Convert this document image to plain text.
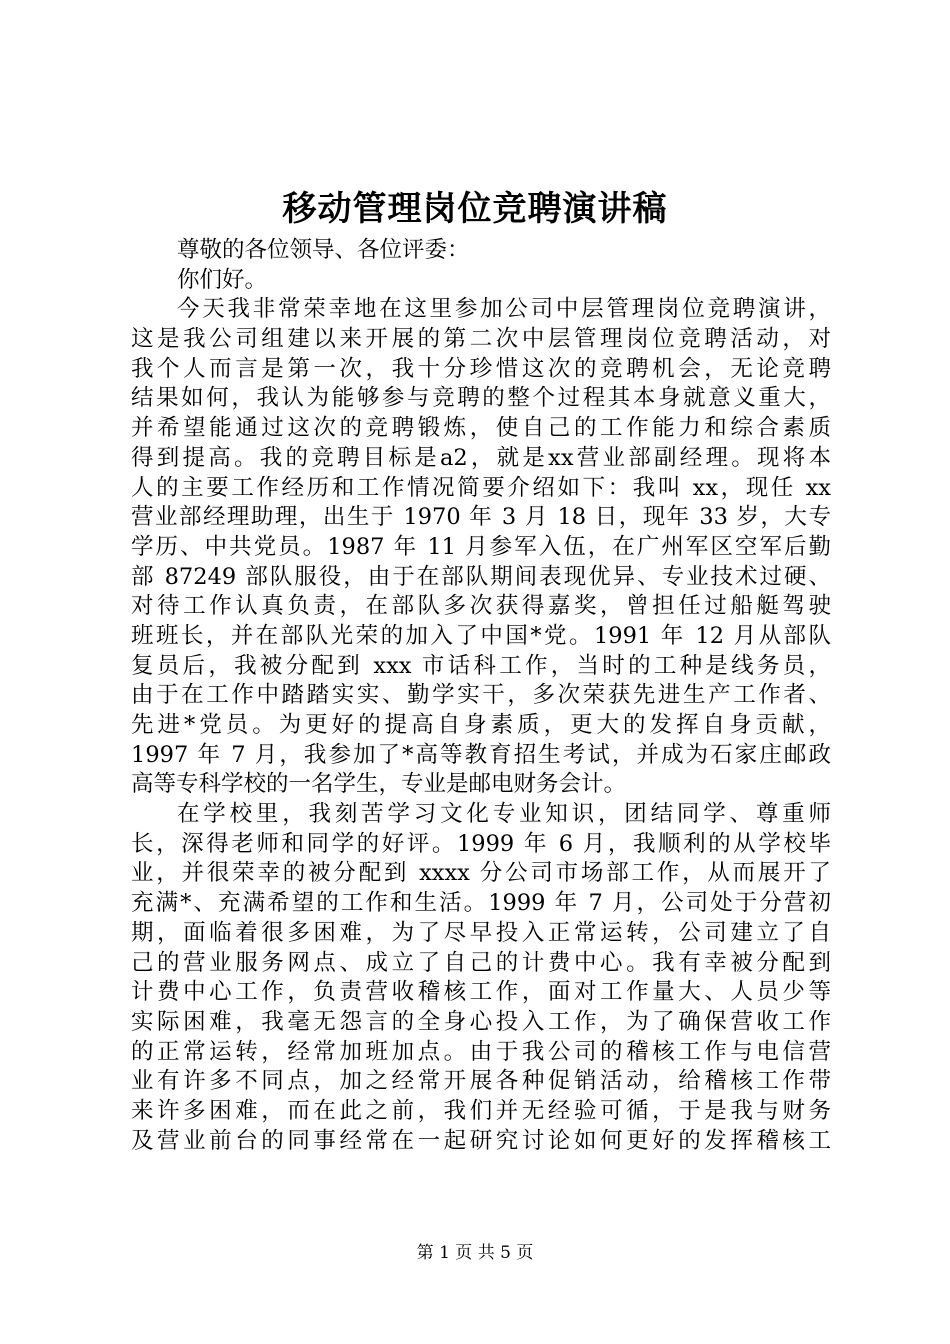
移动管理岗位竞聘演讲稿
尊敬的各位领导、各位评委：
你们好。
今天我非常荣幸地在这里参加公司中层管理岗位竞聘演讲，
这是我公司组建以来开展的第二次中层管理岗位竞聘活动，对
我个人而言是第一次，我十分珍惜这次的竞聘机会，无论竞聘
结果如何，我认为能够参与竞聘的整个过程其本身就意义重大，
并希望能通过这次的竞聘锻炼，使自己的工作能力和综合素质
得到提高。我的竞聘目标是a2，就是xx营业部副经理。现将本
人的主要工作经历和工作情况简要介绍如下：我叫 xx，现任 xx
营业部经理助理，出生于 1970 年 3 月 18 日，现年 33 岁，大专
学历、中共党员。1987 年 11 月参军入伍，在广州军区空军后勤
部 87249 部队服役，由于在部队期间表现优异、专业技术过硬、
对待工作认真负责，在部队多次获得嘉奖，曾担任过船艇驾驶
班班长，并在部队光荣的加入了中国*党。1991 年 12 月从部队
复员后，我被分配到 xxx 市话科工作，当时的工种是线务员，
由于在工作中踏踏实实、勤学实干，多次荣获先进生产工作者、
先进*党员。为更好的提高自身素质，更大的发挥自身贡献，
1997 年 7 月，我参加了*高等教育招生考试，并成为石家庄邮政
高等专科学校的一名学生，专业是邮电财务会计。
在学校里，我刻苦学习文化专业知识，团结同学、尊重师
长，深得老师和同学的好评。1999 年 6 月，我顺利的从学校毕
业，并很荣幸的被分配到 xxxx 分公司市场部工作，从而展开了
充满*、充满希望的工作和生活。1999 年 7 月，公司处于分营初
期，面临着很多困难，为了尽早投入正常运转，公司建立了自
己的营业服务网点、成立了自己的计费中心。我有幸被分配到
计费中心工作，负责营收稽核工作，面对工作量大、人员少等
实际困难，我毫无怨言的全身心投入工作，为了确保营收工作
的正常运转，经常加班加点。由于我公司的稽核工作与电信营
业有许多不同点，加之经常开展各种促销活动，给稽核工作带
来许多困难，而在此之前，我们并无经验可循，于是我与财务
及营业前台的同事经常在一起研究讨论如何更好的发挥稽核工
第 1 页 共 5 页
